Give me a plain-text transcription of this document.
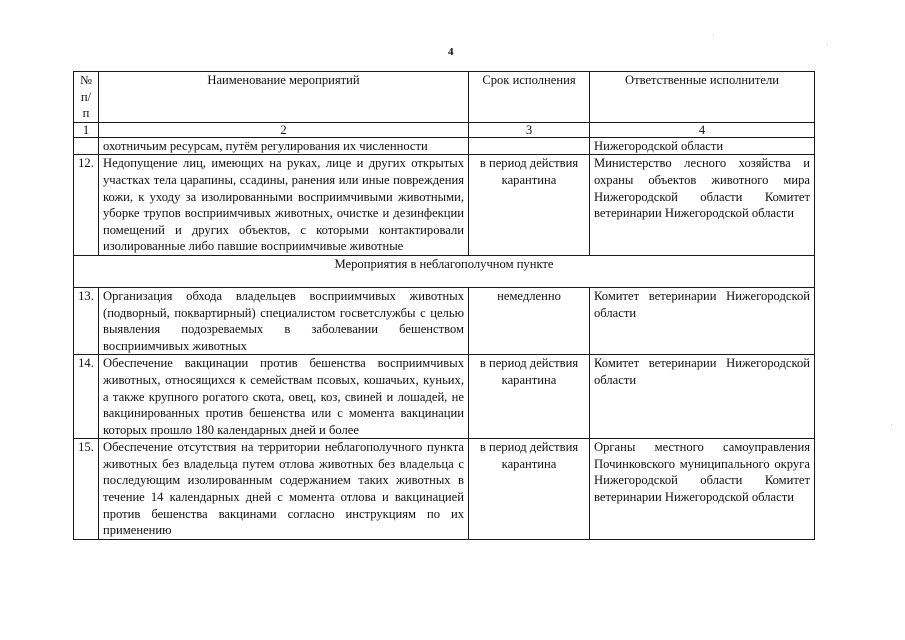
4
№ п/п	Наименование мероприятий	Срок исполнения	Ответственные исполнители
1	2	3	4
	охотничьим ресурсам, путём регулирования их численности		Нижегородской области
12.	Недопущение лиц, имеющих на руках, лице и других открытых участках тела царапины, ссадины, ранения или иные повреждения кожи, к уходу за изолированными восприимчивыми животными, уборке трупов восприимчивых животных, очистке и дезинфекции помещений и других объектов, с которыми контактировали изолированные либо павшие восприимчивые животные	в период действия карантина	Министерство лесного хозяйства и охраны объектов животного мира Нижегородской области Комитет ветеринарии Нижегородской области
Мероприятия в неблагополучном пункте			
13.	Организация обхода владельцев восприимчивых животных (подворный, поквартирный) специалистом госветслужбы с целью выявления подозреваемых в заболевании бешенством восприимчивых животных	немедленно	Комитет ветеринарии Нижегородской области
14.	Обеспечение вакцинации против бешенства восприимчивых животных, относящихся к семействам псовых, кошачьих, куньих, а также крупного рогатого скота, овец, коз, свиней и лошадей, не вакцинированных против бешенства или с момента вакцинации которых прошло 180 календарных дней и более	в период действия карантина	Комитет ветеринарии Нижегородской области
15.	Обеспечение отсутствия на территории неблагополучного пункта животных без владельца путем отлова животных без владельца с последующим изолированным содержанием таких животных в течение 14 календарных дней с момента отлова и вакцинацией против бешенства вакцинами согласно инструкциям по их применению	в период действия карантина	Органы местного самоуправления Починковского муниципального округа Нижегородской области Комитет ветеринарии Нижегородской области
·
·
·
